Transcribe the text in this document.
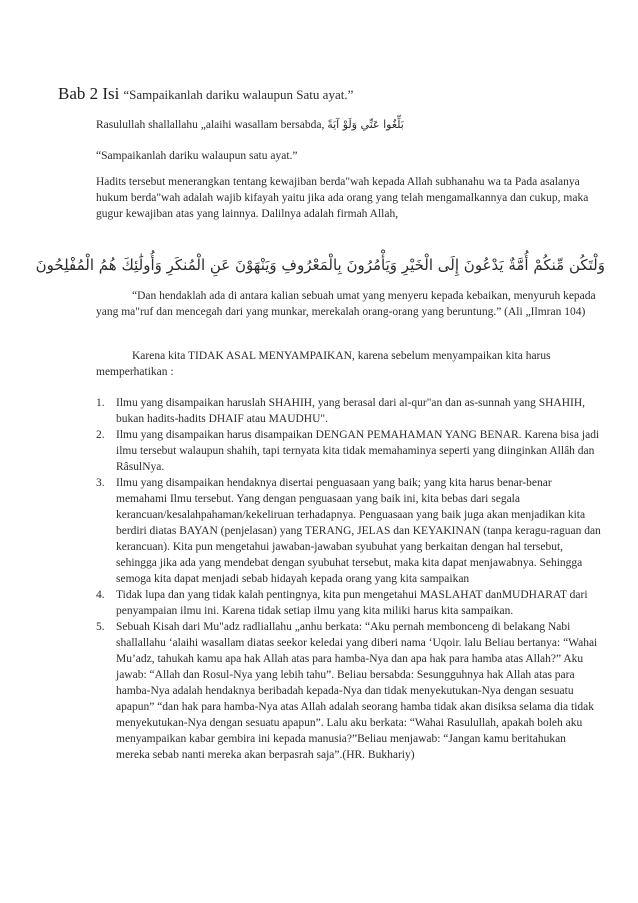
Bab 2 Isi “Sampaikanlah dariku walaupun Satu ayat.”
Rasulullah shallallahu „alaihi wasallam bersabda, بَلِّغُوا عَنِّي وَلَوْ آيَةً

“Sampaikanlah dariku walaupun satu ayat.”

Hadits tersebut menerangkan tentang kewajiban berda"wah kepada Allah subhanahu wa ta Pada asalanya hukum berda"wah adalah wajib kifayah yaitu jika ada orang yang telah mengamalkannya dan cukup, maka gugur kewajiban atas yang lainnya. Dalilnya adalah firmah Allah,

وَلْتَكُن مِّنكُمْ أُمَّةٌ يَدْعُونَ إِلَى الْخَيْرِ وَيَأْمُرُونَ بِالْمَعْرُوفِ وَيَنْهَوْنَ عَنِ الْمُنكَرِ وَأُولَٰئِكَ هُمُ الْمُفْلِحُونَ

“Dan hendaklah ada di antara kalian sebuah umat yang menyeru kepada kebaikan, menyuruh kepada yang ma"ruf dan mencegah dari yang munkar, merekalah orang-orang yang beruntung.” (Ali „Ilmran 104)

Karena kita TIDAK ASAL MENYAMPAIKAN, karena sebelum menyampaikan kita harus memperhatikan :

1. Ilmu yang disampaikan haruslah SHAHIH, yang berasal dari al-qur"an dan as-sunnah yang SHAHIH, bukan hadits-hadits DHAIF atau MAUDHU".
2. Ilmu yang disampaikan harus disampaikan DENGAN PEMAHAMAN YANG BENAR. Karena bisa jadi ilmu tersebut walaupun shahih, tapi ternyata kita tidak memahaminya seperti yang diinginkan Allâh dan RâsulNya.
3. Ilmu yang disampaikan hendaknya disertai penguasaan yang baik; yang kita harus benar-benar memahami Ilmu tersebut. Yang dengan penguasaan yang baik ini, kita bebas dari segala kerancuan/kesalahpahaman/kekeliruan terhadapnya. Penguasaan yang baik juga akan menjadikan kita berdiri diatas BAYAN (penjelasan) yang TERANG, JELAS dan KEYAKINAN (tanpa keragu-raguan dan kerancuan). Kita pun mengetahui jawaban-jawaban syubuhat yang berkaitan dengan hal tersebut, sehingga jika ada yang mendebat dengan syubuhat tersebut, maka kita dapat menjawabnya. Sehingga semoga kita dapat menjadi sebab hidayah kepada orang yang kita sampaikan
4. Tidak lupa dan yang tidak kalah pentingnya, kita pun mengetahui MASLAHAT danMUDHARAT dari penyampaian ilmu ini. Karena tidak setiap ilmu yang kita miliki harus kita sampaikan.
5. Sebuah Kisah dari Mu"adz radliallahu „anhu berkata: “Aku pernah membonceng di belakang Nabi shallallahu ‘alaihi wasallam diatas seekor keledai yang diberi nama ‘Uqoir. lalu Beliau bertanya: “Wahai Mu’adz, tahukah kamu apa hak Allah atas para hamba-Nya dan apa hak para hamba atas Allah?” Aku jawab: “Allah dan Rosul-Nya yang lebih tahu”. Beliau bersabda: Sesungguhnya hak Allah atas para hamba-Nya adalah hendaknya beribadah kepada-Nya dan tidak menyekutukan-Nya dengan sesuatu apapun” “dan hak para hamba-Nya atas Allah adalah seorang hamba tidak akan disiksa selama dia tidak menyekutukan-Nya dengan sesuatu apapun”. Lalu aku berkata: “Wahai Rasulullah, apakah boleh aku menyampaikan kabar gembira ini kepada manusia?”Beliau menjawab: “Jangan kamu beritahukan mereka sebab nanti mereka akan berpasrah saja”.(HR. Bukhariy)
